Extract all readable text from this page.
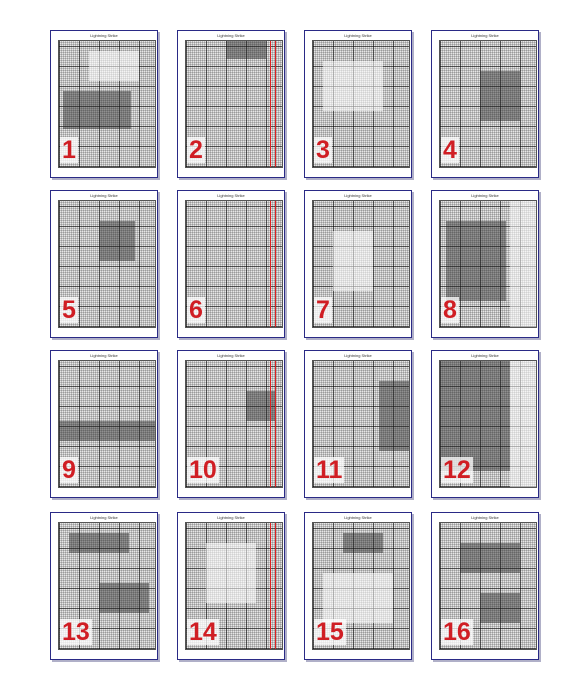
Lightning Strike
1
Lightning Strike
2
Lightning Strike
3
Lightning Strike
4
Lightning Strike
5
Lightning Strike
6
Lightning Strike
7
Lightning Strike
8
Lightning Strike
9
Lightning Strike
10
Lightning Strike
11
Lightning Strike
12
Lightning Strike
13
Lightning Strike
14
Lightning Strike
15
Lightning Strike
16
